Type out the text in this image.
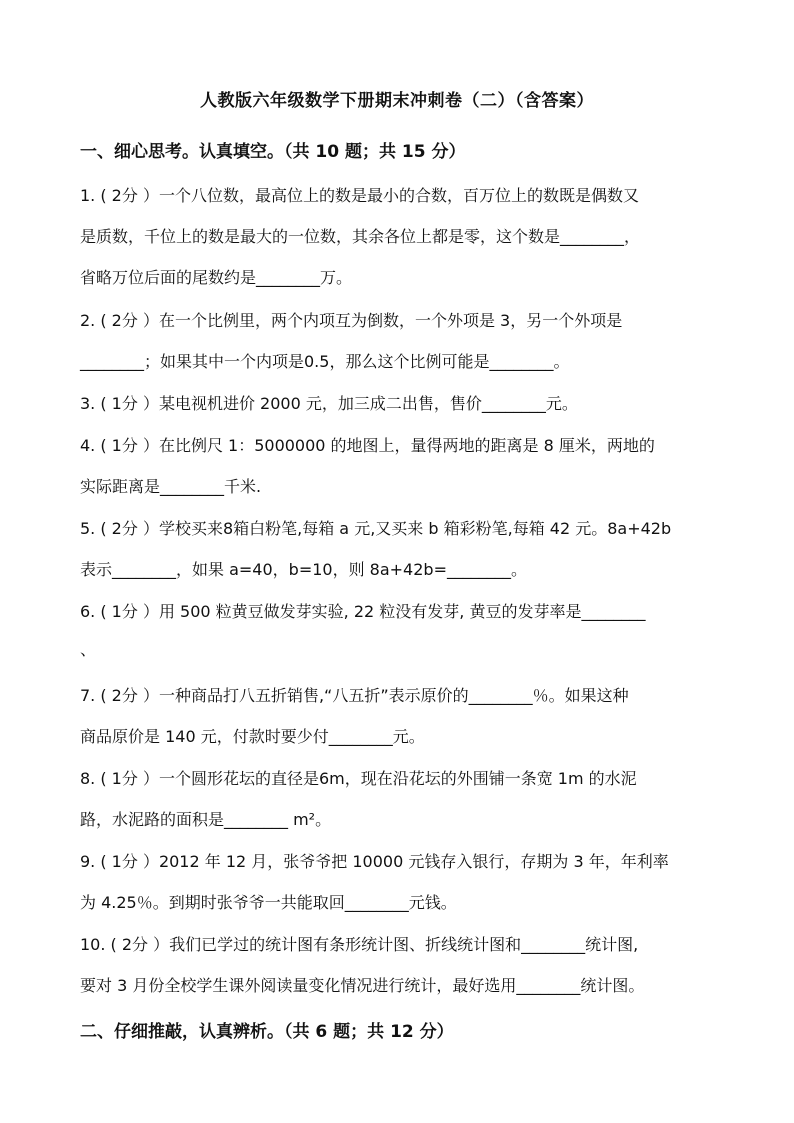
人教版六年级数学下册期末冲刺卷（二）（含答案）
一、细心思考。认真填空。（共 10 题；共 15 分）
1. ( 2分 ）一个八位数，最高位上的数是最小的合数，百万位上的数既是偶数又
是质数，千位上的数是最大的一位数，其余各位上都是零，这个数是________，
省略万位后面的尾数约是________万。
2. ( 2分 ）在一个比例里，两个内项互为倒数，一个外项是 3，另一个外项是
________；如果其中一个内项是0.5，那么这个比例可能是________。
3. ( 1分 ）某电视机进价 2000 元，加三成二出售，售价________元。
4. ( 1分 ）在比例尺 1：5000000 的地图上，量得两地的距离是 8 厘米，两地的
实际距离是________千米.
5. ( 2分 ）学校买来8箱白粉笔,每箱 a 元,又买来 b 箱彩粉笔,每箱 42 元。8a+42b
表示________，如果 a=40，b=10，则 8a+42b=________。
6. ( 1分 ）用 500 粒黄豆做发芽实验, 22 粒没有发芽, 黄豆的发芽率是________
、
7. ( 2分 ）一种商品打八五折销售,“八五折”表示原价的________％。如果这种
商品原价是 140 元，付款时要少付________元。
8. ( 1分 ）一个圆形花坛的直径是6m，现在沿花坛的外围铺一条宽 1m 的水泥
路，水泥路的面积是________ m²。
9. ( 1分 ）2012 年 12 月，张爷爷把 10000 元钱存入银行，存期为 3 年，年利率
为 4.25％。到期时张爷爷一共能取回________元钱。
10. ( 2分 ）我们已学过的统计图有条形统计图、折线统计图和________统计图,
要对 3 月份全校学生课外阅读量变化情况进行统计，最好选用________统计图。
二、仔细推敲，认真辨析。（共 6 题；共 12 分）
